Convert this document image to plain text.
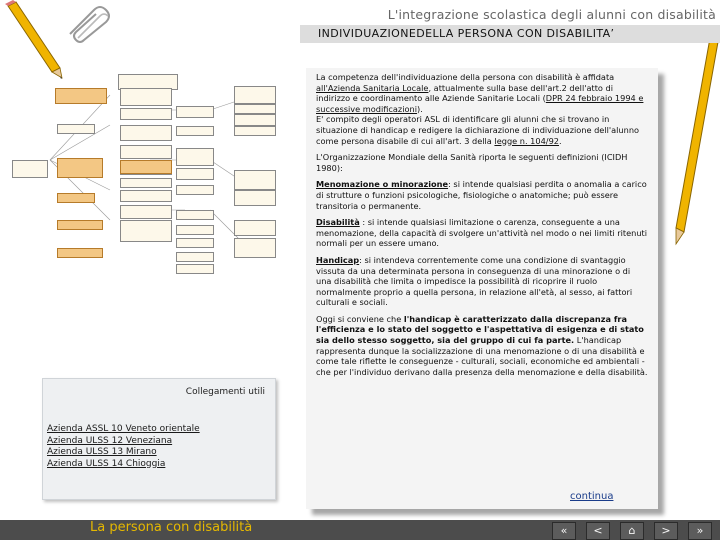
L'integrazione scolastica degli alunni con disabilità
INDIVIDUAZIONEDELLA PERSONA CON DISABILITA’
Collegamenti utili
Azienda ASSL 10 Veneto orientale
Azienda ULSS 12 Veneziana
Azienda ULSS 13 Mirano
Azienda ULSS 14 Chioggia

La competenza dell'individuazione della persona con disabilità è affidata all'Azienda Sanitaria Locale, attualmente sulla base dell'art.2 dell'atto di indirizzo e coordinamento alle Aziende Sanitarie Locali (DPR 24 febbraio 1994 e successive modificazioni).
E' compito degli operatori ASL di identificare gli alunni che si trovano in situazione di handicap e redigere la dichiarazione di individuazione dell'alunno come persona disabile di cui all'art. 3 della legge n. 104/92.

L'Organizzazione Mondiale della Sanità riporta le seguenti definizioni (ICIDH 1980):

Menomazione o minorazione: si intende qualsiasi perdita o anomalia a carico di strutture o funzioni psicologiche, fisiologiche o anatomiche; può essere transitoria o permanente.

Disabilità : si intende qualsiasi limitazione o carenza, conseguente a una menomazione, della capacità di svolgere un'attività nel modo o nei limiti ritenuti normali per un essere umano.

Handicap: si intendeva correntemente come una condizione di svantaggio vissuta da una determinata persona in conseguenza di una minorazione o di una disabilità che limita o impedisce la possibilità di ricoprire il ruolo normalmente proprio a quella persona, in relazione all'età, al sesso, ai fattori culturali e sociali.

Oggi si conviene che l'handicap è caratterizzato dalla discrepanza fra l'efficienza e lo stato del soggetto e l'aspettativa di esigenza e di stato sia dello stesso soggetto, sia del gruppo di cui fa parte. L'handicap rappresenta dunque la socializzazione di una menomazione o di una disabilità e come tale riflette le conseguenze - culturali, sociali, economiche ed ambientali - che per l'individuo derivano dalla presenza della menomazione e della disabilità.

continua
La persona con disabilità	«	<	⌂	>	»
